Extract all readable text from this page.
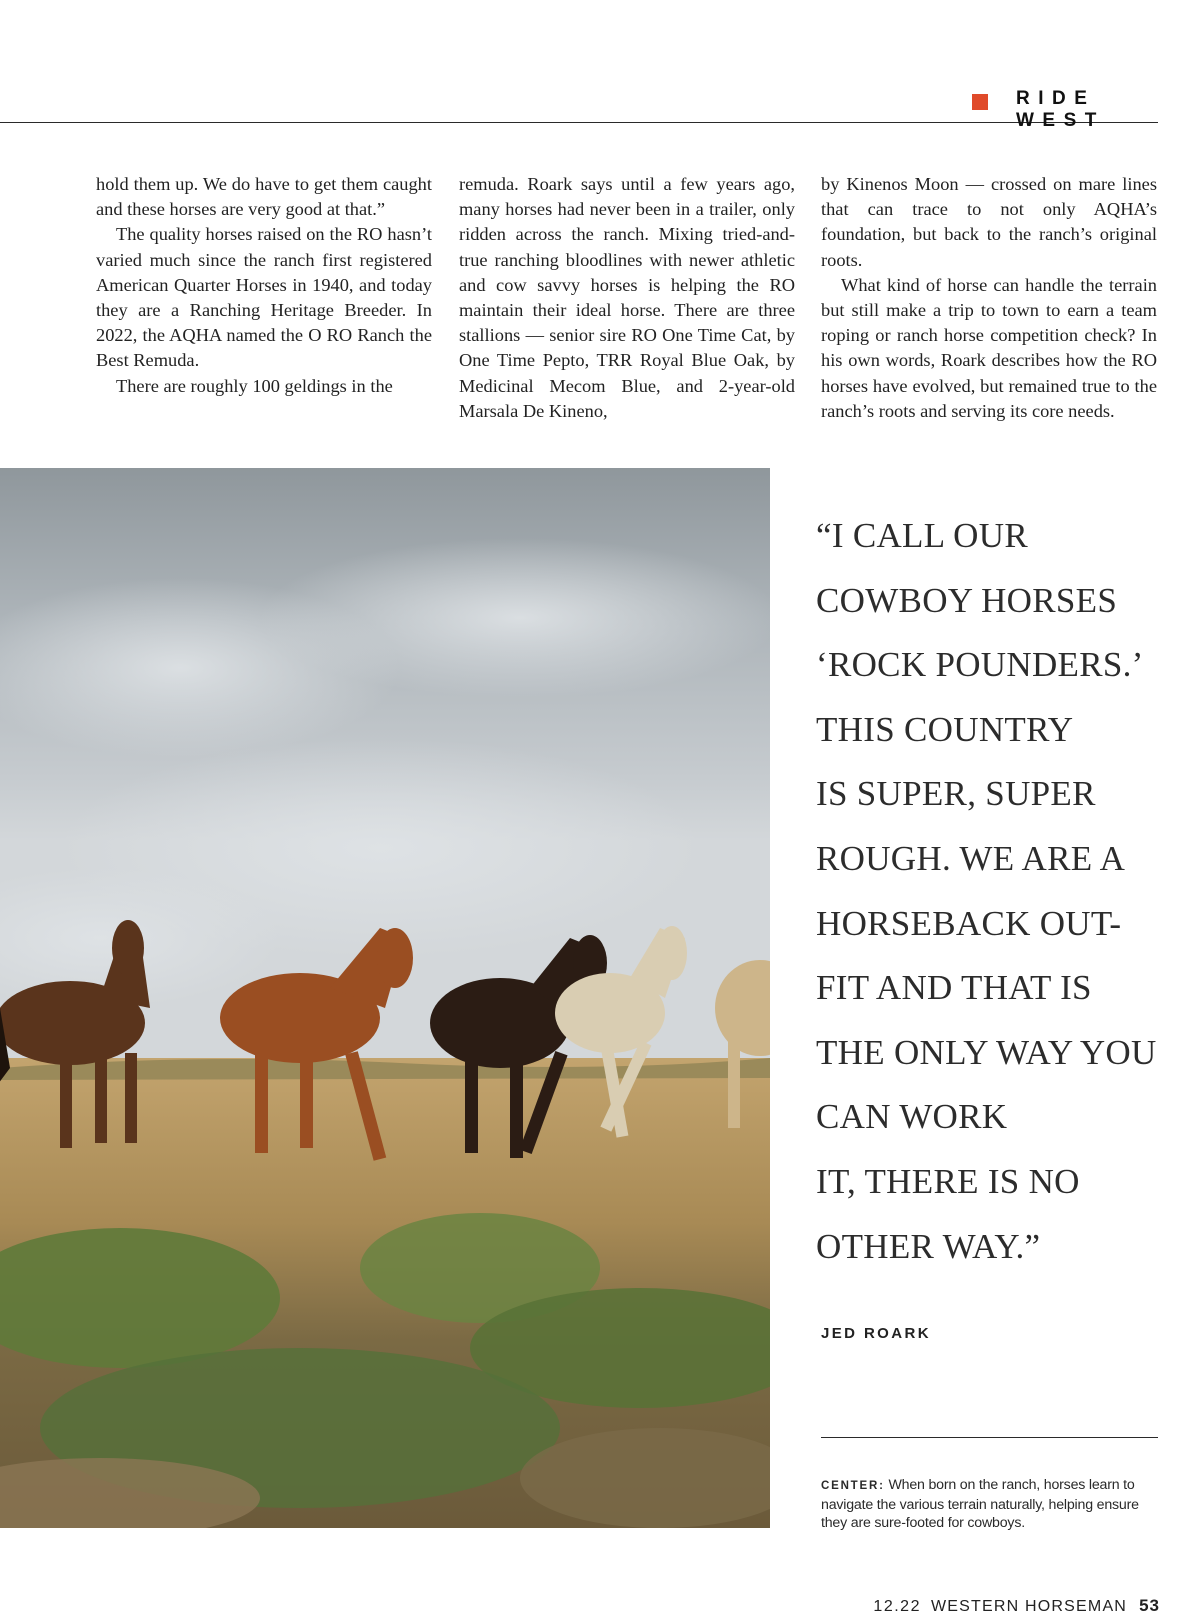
RIDE WEST

hold them up. We do have to get them caught and these horses are very good at that.”

The quality horses raised on the RO hasn’t varied much since the ranch first registered American Quarter Horses in 1940, and today they are a Ranching Heritage Breeder. In 2022, the AQHA named the O RO Ranch the Best Remuda.

There are roughly 100 geldings in the

remuda. Roark says until a few years ago, many horses had never been in a trailer, only ridden across the ranch. Mixing tried-and-true ranching bloodlines with newer athletic and cow savvy horses is helping the RO maintain their ideal horse. There are three stallions — senior sire RO One Time Cat, by One Time Pepto, TRR Royal Blue Oak, by Medicinal Mecom Blue, and 2-year-old Marsala De Kineno,

by Kinenos Moon — crossed on mare lines that can trace to not only AQHA’s foundation, but back to the ranch’s original roots.

What kind of horse can handle the terrain but still make a trip to town to earn a team roping or ranch horse competition check? In his own words, Roark describes how the RO horses have evolved, but remained true to the ranch’s roots and serving its core needs.

“I CALL OUR
COWBOY HORSES
‘ROCK POUNDERS.’
THIS COUNTRY
IS SUPER, SUPER
ROUGH. WE ARE A
HORSEBACK OUT-
FIT AND THAT IS
THE ONLY WAY YOU
CAN WORK
IT, THERE IS NO
OTHER WAY.”
JED ROARK
CENTER: When born on the ranch, horses learn to navigate the various terrain naturally, helping ensure they are sure-footed for cowboys.
12.22 WESTERN HORSEMAN 53
